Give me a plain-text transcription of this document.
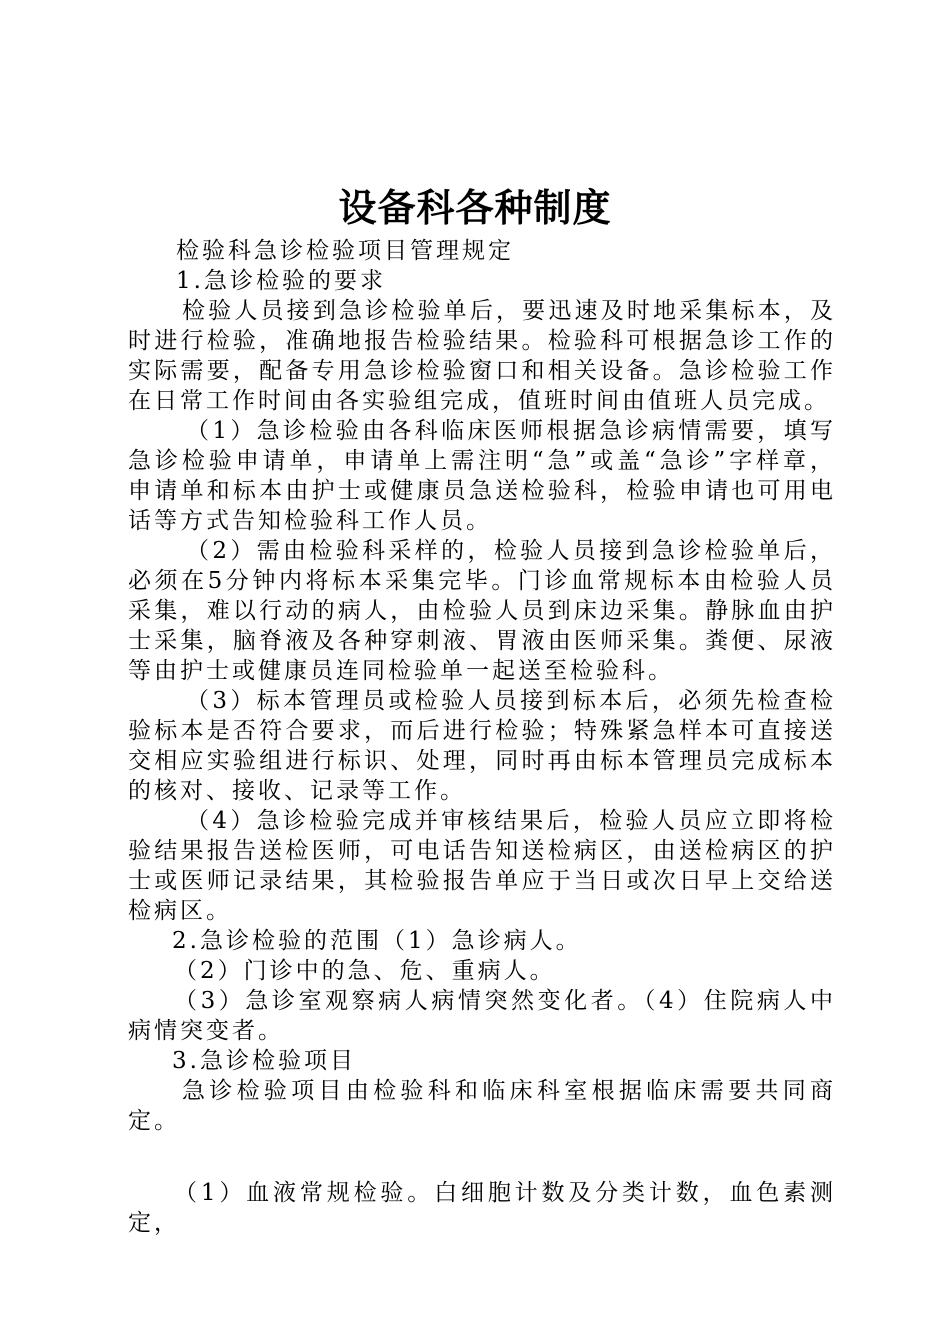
设备科各种制度

检验科急诊检验项目管理规定

1.急诊检验的要求

检验人员接到急诊检验单后，要迅速及时地采集标本，及时进行检验，准确地报告检验结果。检验科可根据急诊工作的实际需要，配备专用急诊检验窗口和相关设备。急诊检验工作在日常工作时间由各实验组完成，值班时间由值班人员完成。

（1）急诊检验由各科临床医师根据急诊病情需要，填写急诊检验申请单，申请单上需注明“急”或盖“急诊”字样章，申请单和标本由护士或健康员急送检验科，检验申请也可用电话等方式告知检验科工作人员。

（2）需由检验科采样的，检验人员接到急诊检验单后，必须在5分钟内将标本采集完毕。门诊血常规标本由检验人员采集，难以行动的病人，由检验人员到床边采集。静脉血由护士采集，脑脊液及各种穿刺液、胃液由医师采集。粪便、尿液等由护士或健康员连同检验单一起送至检验科。

（3）标本管理员或检验人员接到标本后，必须先检查检验标本是否符合要求，而后进行检验；特殊紧急样本可直接送交相应实验组进行标识、处理，同时再由标本管理员完成标本的核对、接收、记录等工作。

（4）急诊检验完成并审核结果后，检验人员应立即将检验结果报告送检医师，可电话告知送检病区，由送检病区的护士或医师记录结果，其检验报告单应于当日或次日早上交给送检病区。

2.急诊检验的范围（1）急诊病人。

（2）门诊中的急、危、重病人。

（3）急诊室观察病人病情突然变化者。（4）住院病人中病情突变者。

3.急诊检验项目

急诊检验项目由检验科和临床科室根据临床需要共同商定。

（1）血液常规检验。白细胞计数及分类计数，血色素测定，
